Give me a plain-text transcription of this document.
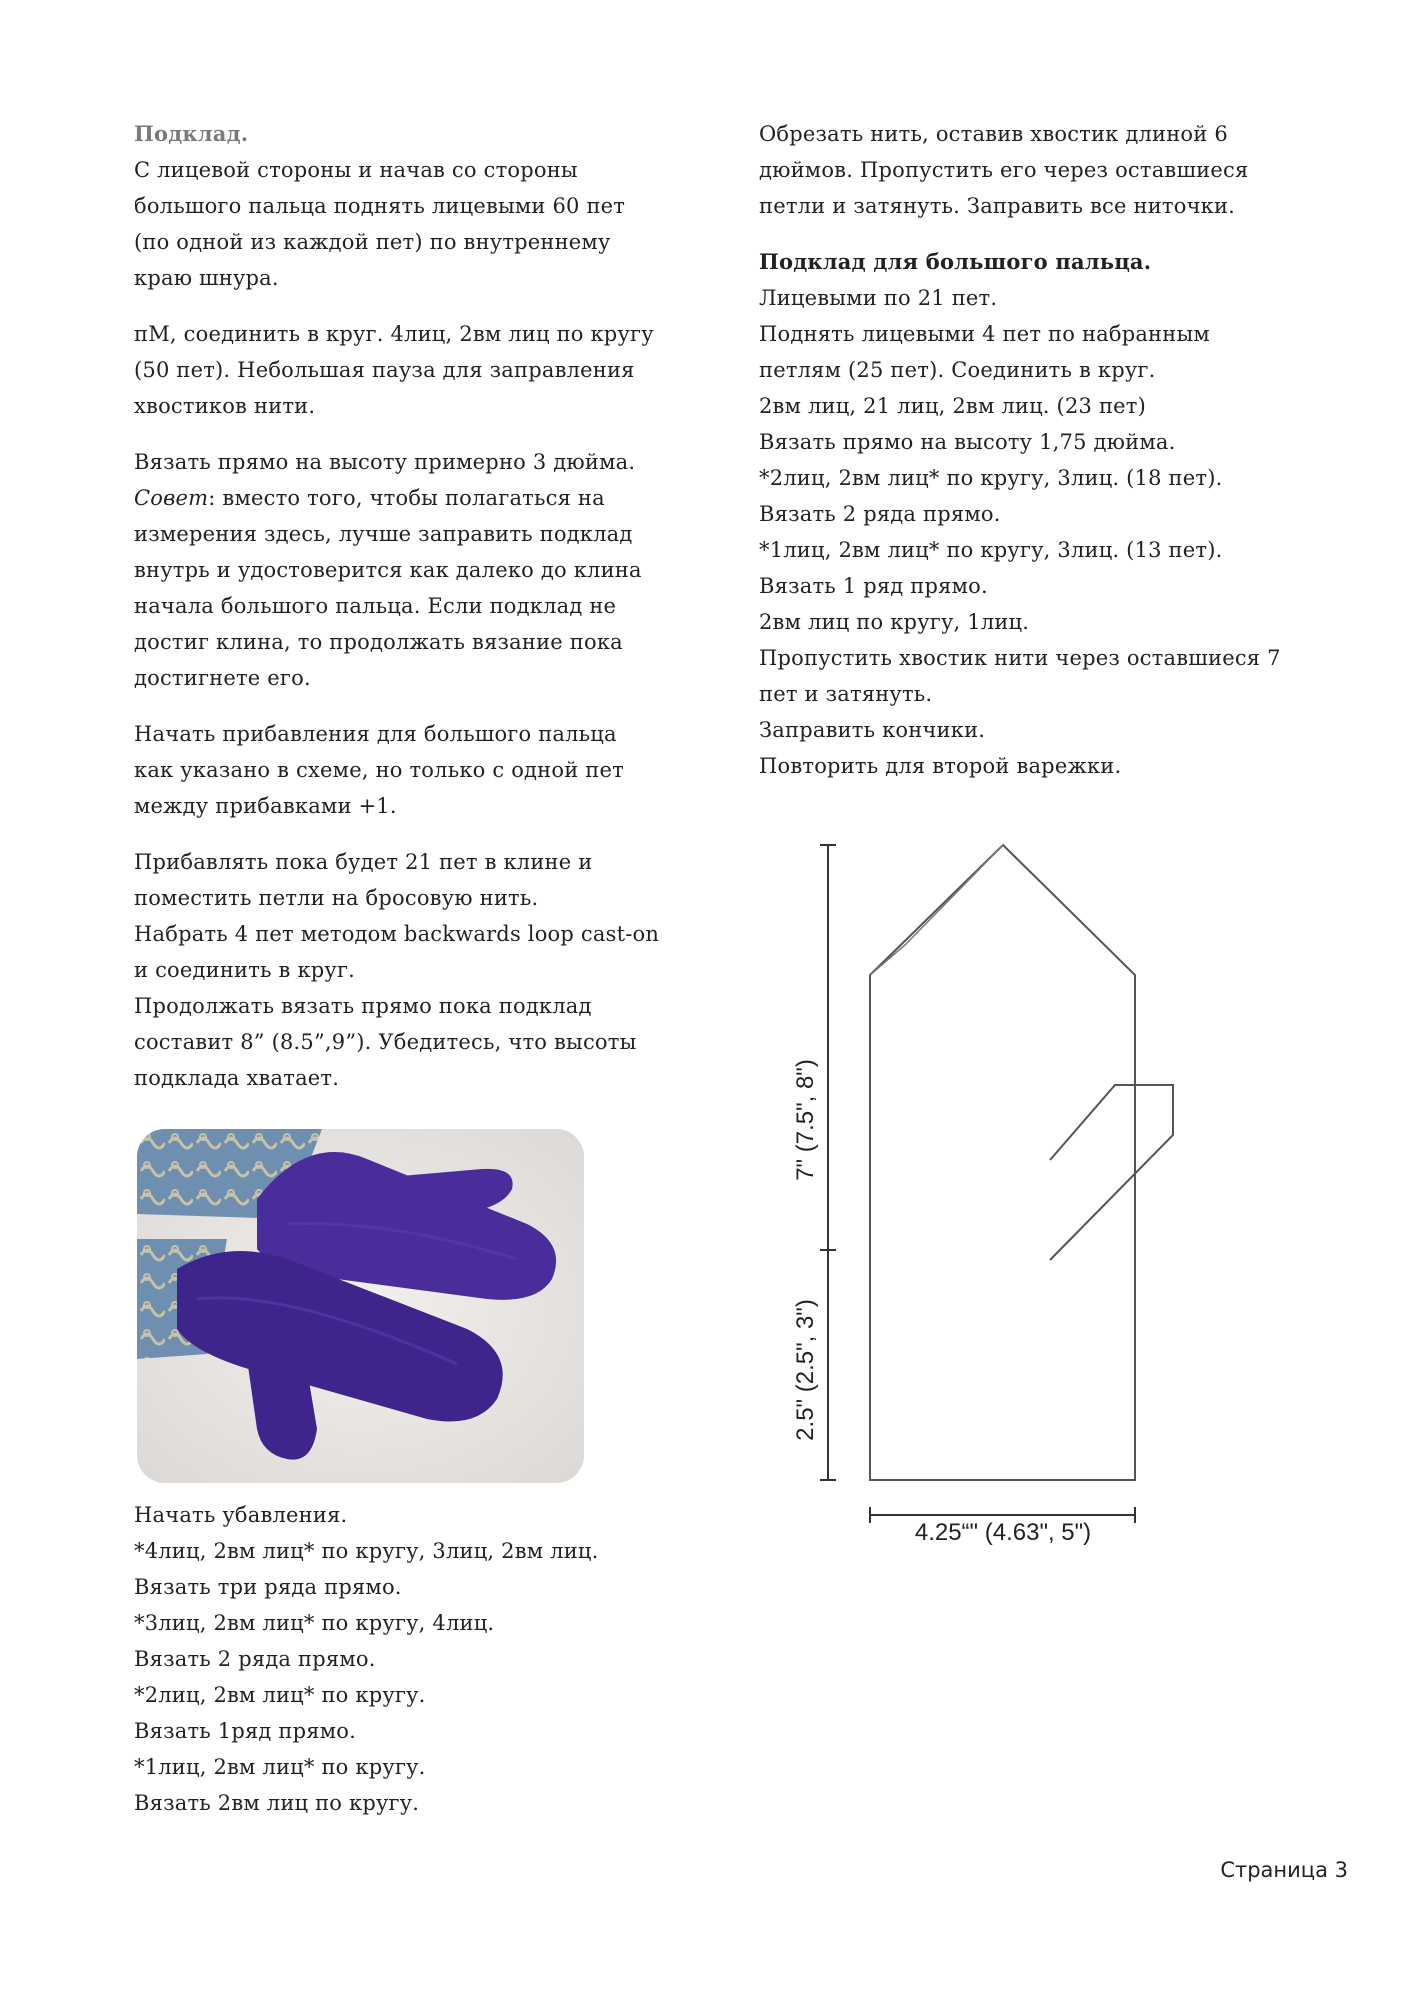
Подклад.
С лицевой стороны и начав со стороны
большого пальца поднять лицевыми 60 пет
(по одной из каждой пет) по внутреннему
краю шнура.
пМ, соединить в круг. 4лиц, 2вм лиц по кругу
(50 пет). Небольшая пауза для заправления
хвостиков нити.
Вязать прямо на высоту примерно 3 дюйма.
Совет: вместо того, чтобы полагаться на
измерения здесь, лучше заправить подклад
внутрь и удостоверится как далеко до клина
начала большого пальца. Если подклад не
достиг клина, то продолжать вязание пока
достигнете его.
Начать прибавления для большого пальца
как указано в схеме, но только с одной пет
между прибавками +1.
Прибавлять пока будет 21 пет в клине и
поместить петли на бросовую нить.
Набрать 4 пет методом backwards loop cast-on
и соединить в круг.
Продолжать вязать прямо пока подклад
составит 8” (8.5”,9”). Убедитесь, что высоты
подклада хватает.
Начать убавления.
*4лиц, 2вм лиц* по кругу, 3лиц, 2вм лиц.
Вязать три ряда прямо.
*3лиц, 2вм лиц* по кругу, 4лиц.
Вязать 2 ряда прямо.
*2лиц, 2вм лиц* по кругу.
Вязать 1ряд прямо.
*1лиц, 2вм лиц* по кругу.
Вязать 2вм лиц по кругу.
Обрезать нить, оставив хвостик длиной 6
дюймов. Пропустить его через оставшиеся
петли и затянуть. Заправить все ниточки.
Подклад для большого пальца.
Лицевыми по 21 пет.
Поднять лицевыми 4 пет по набранным
петлям (25 пет). Соединить в круг.
2вм лиц, 21 лиц, 2вм лиц. (23 пет)
Вязать прямо на высоту 1,75 дюйма.
*2лиц, 2вм лиц* по кругу, 3лиц. (18 пет).
Вязать 2 ряда прямо.
*1лиц, 2вм лиц* по кругу, 3лиц. (13 пет).
Вязать 1 ряд прямо.
2вм лиц по кругу, 1лиц.
Пропустить хвостик нити через оставшиеся 7
пет и затянуть.
Заправить кончики.
Повторить для второй варежки.
7" (7.5", 8")
2.5" (2.5", 3")
4.25“" (4.63", 5")
Страница 3
